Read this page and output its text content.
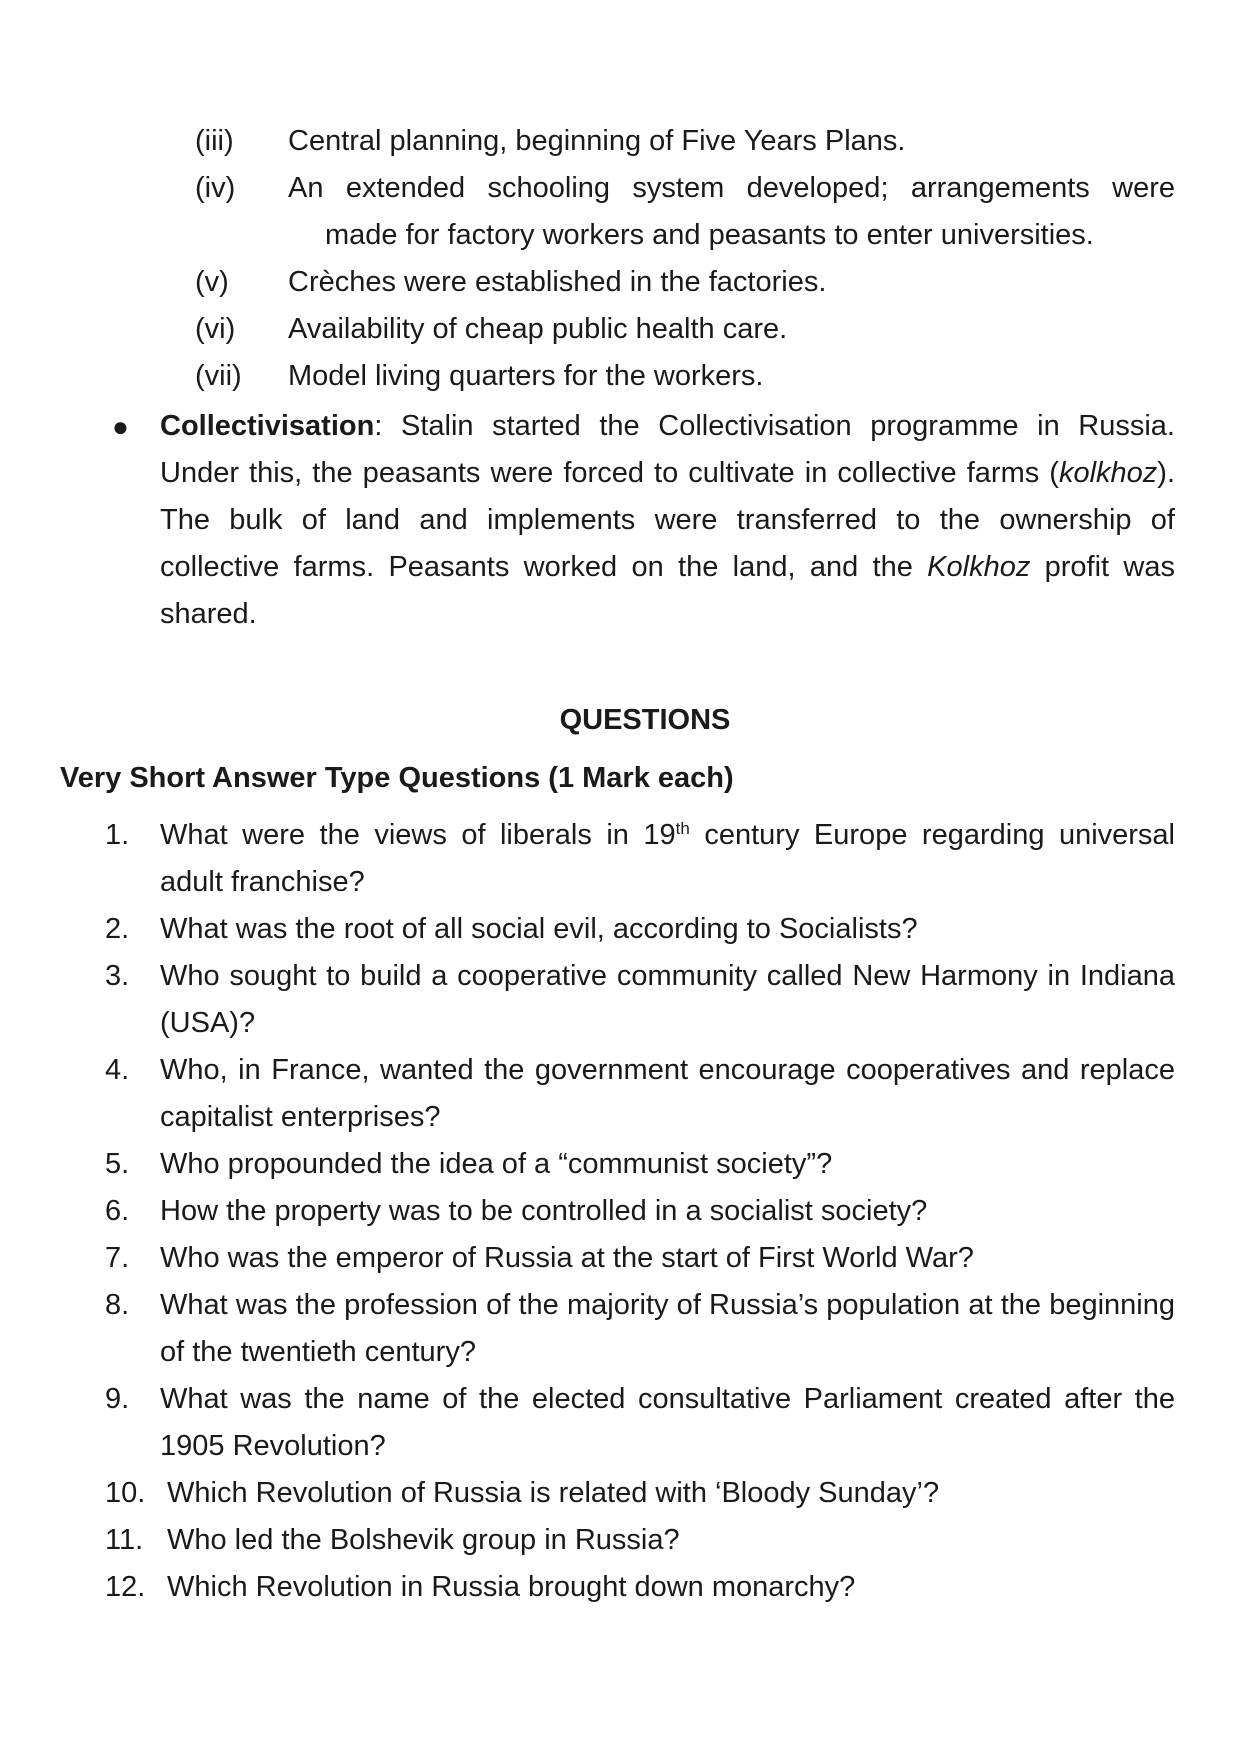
(iii)	Central planning, beginning of Five Years Plans.
(iv)	An extended schooling system developed; arrangements were
made for factory workers and peasants to enter universities.
(v)	Crèches were established in the factories.
(vi)	Availability of cheap public health care.
(vii)	Model living quarters for the workers.
●	Collectivisation: Stalin started the Collectivisation programme in Russia. Under this, the peasants were forced to cultivate in collective farms (kolkhoz). The bulk of land and implements were transferred to the ownership of collective farms. Peasants worked on the land, and the Kolkhoz profit was shared.
QUESTIONS
Very Short Answer Type Questions (1 Mark each)
1.	What were the views of liberals in 19th century Europe regarding universal adult franchise?
2.	What was the root of all social evil, according to Socialists?
3.	Who sought to build a cooperative community called New Harmony in Indiana (USA)?
4.	Who, in France, wanted the government encourage cooperatives and replace capitalist enterprises?
5.	Who propounded the idea of a “communist society”?
6.	How the property was to be controlled in a socialist society?
7.	Who was the emperor of Russia at the start of First World War?
8.	What was the profession of the majority of Russia’s population at the beginning of the twentieth century?
9.	What was the name of the elected consultative Parliament created after the 1905 Revolution?
10. Which Revolution of Russia is related with ‘Bloody Sunday’?
11. Who led the Bolshevik group in Russia?
12. Which Revolution in Russia brought down monarchy?
